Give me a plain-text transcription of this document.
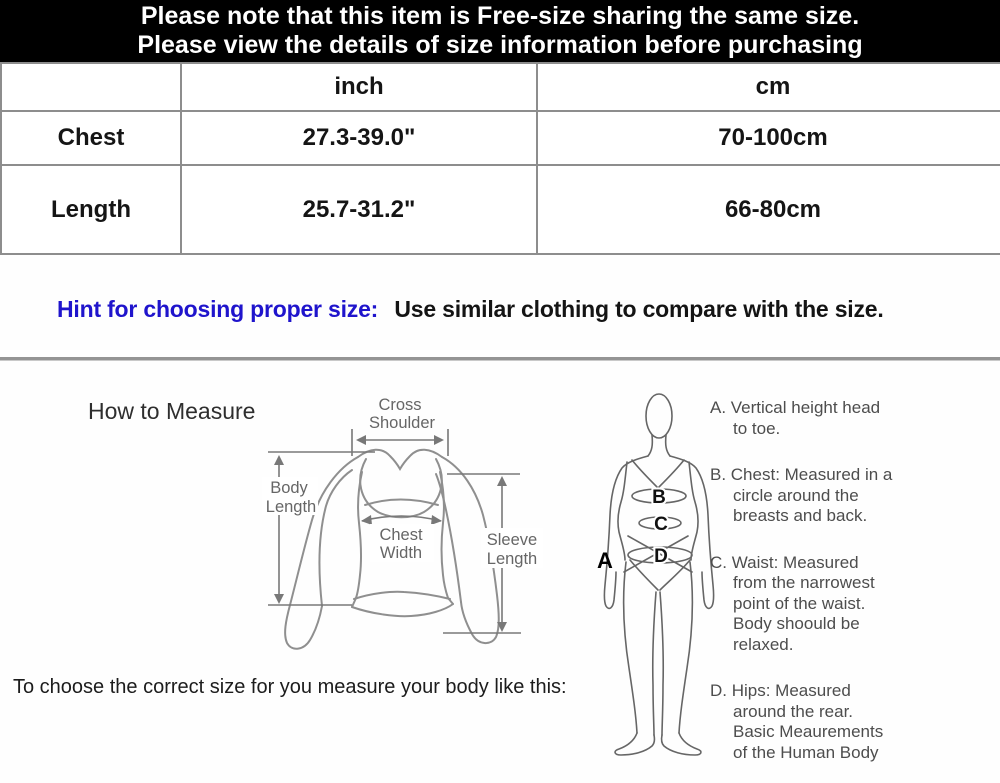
Please note that this item is Free-size sharing the same size.
Please view the details of size information before purchasing
	inch	cm
Chest	27.3-39.0"	70-100cm
Length	25.7-31.2"	66-80cm
Hint for choosing proper size: Use similar clothing to compare with the size.
How to Measure	Cross
Shoulder
Body
Length
Chest
Width
Sleeve
Length	A
B
C
D
A. Vertical height head
to toe.
B. Chest: Measured in a
circle around the
breasts and back.
C. Waist: Measured
from the narrowest
point of the waist.
Body shoould be
relaxed.
D. Hips: Measured
around the rear.
Basic Meaurements
of the Human Body
To choose the correct size for you measure your body like this:
